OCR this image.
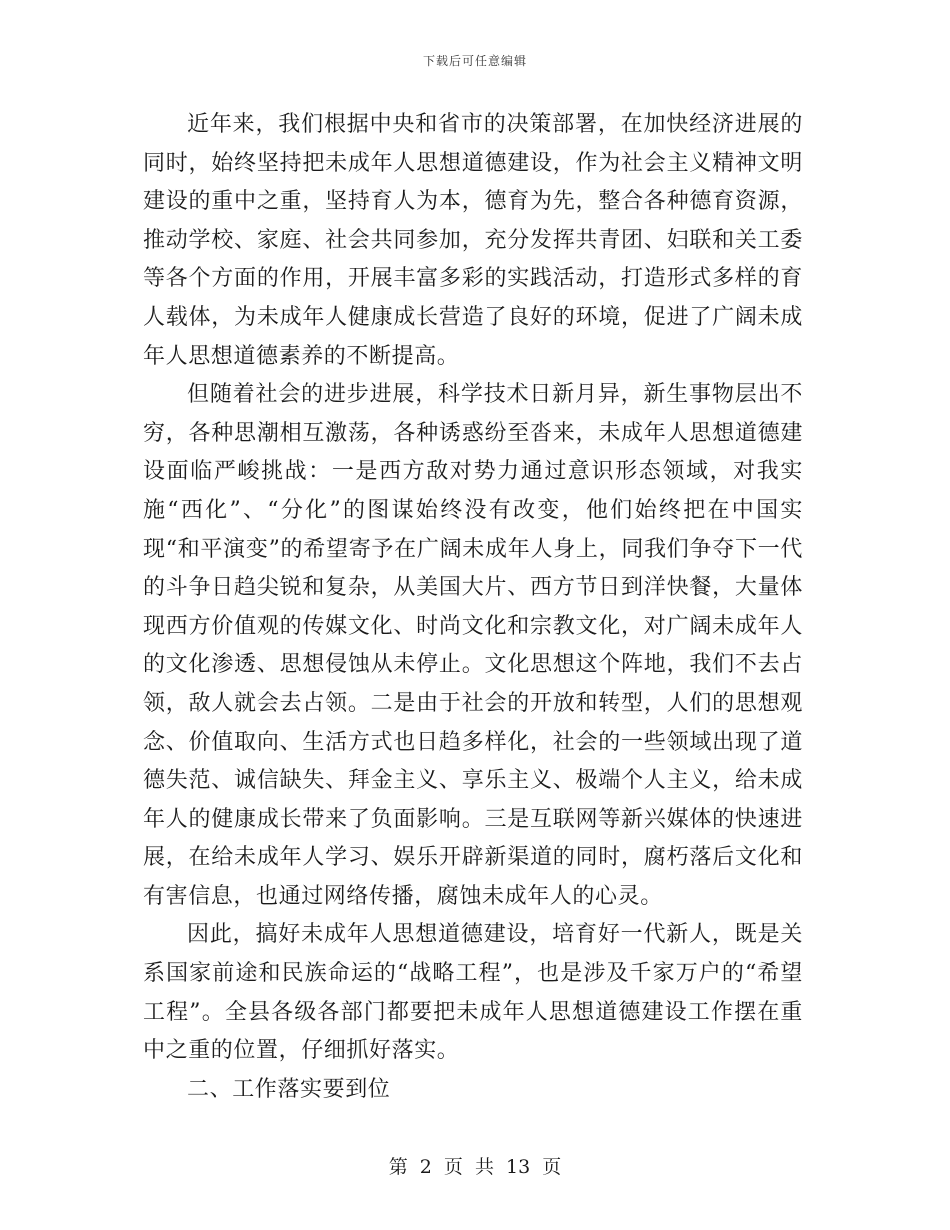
下载后可任意编辑

近年来，我们根据中央和省市的决策部署，在加快经济进展的同时，始终坚持把未成年人思想道德建设，作为社会主义精神文明建设的重中之重，坚持育人为本，德育为先，整合各种德育资源，推动学校、家庭、社会共同参加，充分发挥共青团、妇联和关工委等各个方面的作用，开展丰富多彩的实践活动，打造形式多样的育人载体，为未成年人健康成长营造了良好的环境，促进了广阔未成年人思想道德素养的不断提高。

但随着社会的进步进展，科学技术日新月异，新生事物层出不穷，各种思潮相互激荡，各种诱惑纷至沓来，未成年人思想道德建设面临严峻挑战：一是西方敌对势力通过意识形态领域，对我实施“西化”、“分化”的图谋始终没有改变，他们始终把在中国实现“和平演变”的希望寄予在广阔未成年人身上，同我们争夺下一代的斗争日趋尖锐和复杂，从美国大片、西方节日到洋快餐，大量体现西方价值观的传媒文化、时尚文化和宗教文化，对广阔未成年人的文化渗透、思想侵蚀从未停止。文化思想这个阵地，我们不去占领，敌人就会去占领。二是由于社会的开放和转型，人们的思想观念、价值取向、生活方式也日趋多样化，社会的一些领域出现了道德失范、诚信缺失、拜金主义、享乐主义、极端个人主义，给未成年人的健康成长带来了负面影响。三是互联网等新兴媒体的快速进展，在给未成年人学习、娱乐开辟新渠道的同时，腐朽落后文化和有害信息，也通过网络传播，腐蚀未成年人的心灵。

因此，搞好未成年人思想道德建设，培育好一代新人，既是关系国家前途和民族命运的“战略工程”，也是涉及千家万户的“希望工程”。全县各级各部门都要把未成年人思想道德建设工作摆在重中之重的位置，仔细抓好落实。

二、工作落实要到位

第 2 页 共 13 页
